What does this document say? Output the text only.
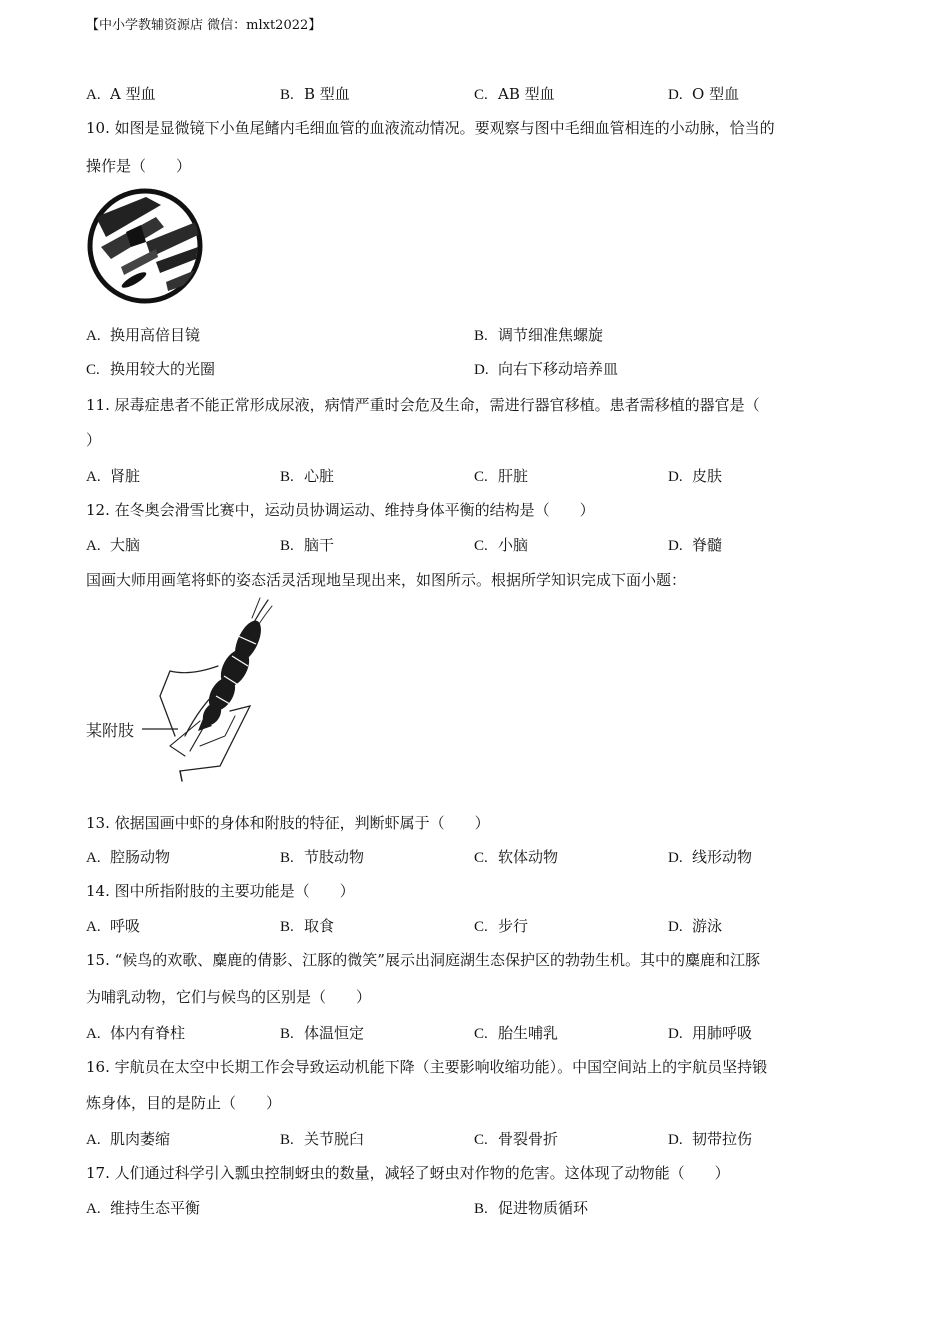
【中小学教辅资源店 微信：mlxt2022】
A. A 型血	B. B 型血	C. AB 型血	D. O 型血
10. 如图是显微镜下小鱼尾鳍内毛细血管的血液流动情况。要观察与图中毛细血管相连的小动脉，恰当的
操作是（　　）
A. 换用高倍目镜	B. 调节细准焦螺旋
C. 换用较大的光圈	D. 向右下移动培养皿
11. 尿毒症患者不能正常形成尿液，病情严重时会危及生命，需进行器官移植。患者需移植的器官是（
）
A. 肾脏	B. 心脏	C. 肝脏	D. 皮肤
12. 在冬奥会滑雪比赛中，运动员协调运动、维持身体平衡的结构是（　　）
A. 大脑	B. 脑干	C. 小脑	D. 脊髓
国画大师用画笔将虾的姿态活灵活现地呈现出来，如图所示。根据所学知识完成下面小题：
某附肢
13. 依据国画中虾的身体和附肢的特征，判断虾属于（　　）
A. 腔肠动物	B. 节肢动物	C. 软体动物	D. 线形动物
14. 图中所指附肢的主要功能是（　　）
A. 呼吸	B. 取食	C. 步行	D. 游泳
15. “候鸟的欢歌、麋鹿的倩影、江豚的微笑”展示出洞庭湖生态保护区的勃勃生机。其中的麋鹿和江豚
为哺乳动物，它们与候鸟的区别是（　　）
A. 体内有脊柱	B. 体温恒定	C. 胎生哺乳	D. 用肺呼吸
16. 宇航员在太空中长期工作会导致运动机能下降（主要影响收缩功能）。中国空间站上的宇航员坚持锻
炼身体，目的是防止（　　）
A. 肌肉萎缩	B. 关节脱臼	C. 骨裂骨折	D. 韧带拉伤
17. 人们通过科学引入瓢虫控制蚜虫的数量，减轻了蚜虫对作物的危害。这体现了动物能（　　）
A. 维持生态平衡	B. 促进物质循环
